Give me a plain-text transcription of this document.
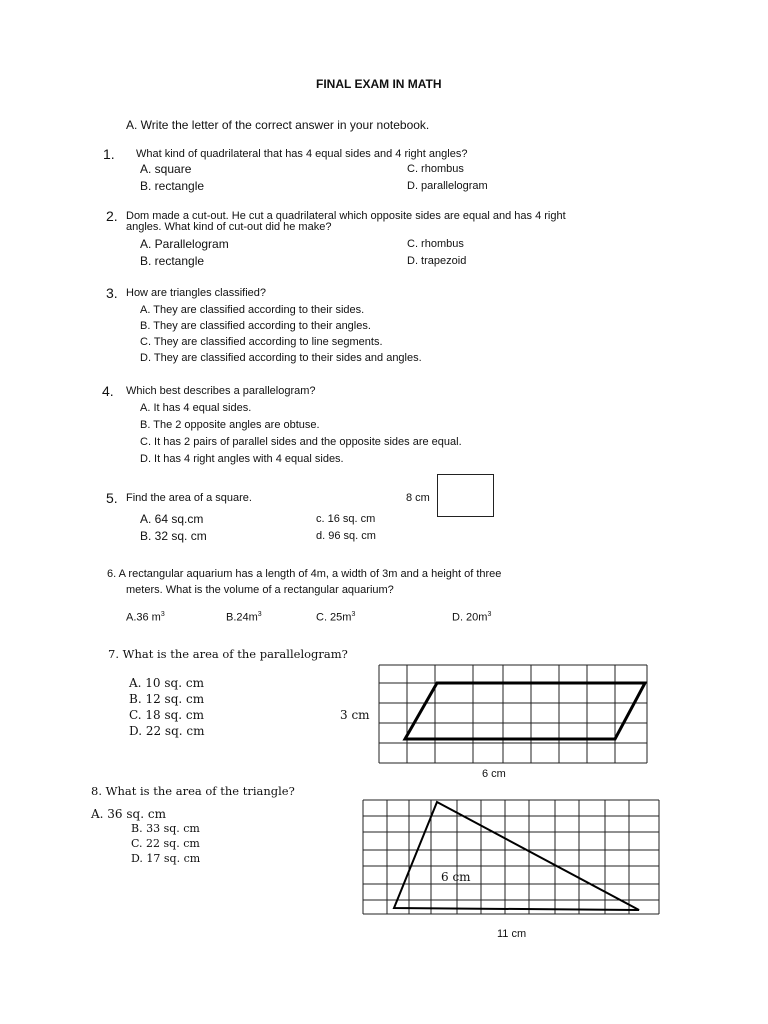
FINAL EXAM IN MATH
A. Write the letter of the correct answer in your notebook.
1. What kind of quadrilateral that has 4 equal sides and 4 right angles?
A. square
B. rectangle
C. rhombus
D. parallelogram
2. Dom made a cut-out. He cut a quadrilateral which opposite sides are equal and has 4 right
angles. What kind of cut-out did he make?
A. Parallelogram
B. rectangle
C. rhombus
D. trapezoid
3. How are triangles classified?
A. They are classified according to their sides.
B. They are classified according to their angles.
C. They are classified according to line segments.
D. They are classified according to their sides and angles.
4. Which best describes a parallelogram?
A. It has 4 equal sides.
B. The 2 opposite angles are obtuse.
C. It has 2 pairs of parallel sides and the opposite sides are equal.
D. It has 4 right angles with 4 equal sides.
5. Find the area of a square.	8 cm
A. 64 sq.cm
B. 32 sq. cm
c. 16 sq. cm
d. 96 sq. cm
6. A rectangular aquarium has a length of 4m, a width of 3m and a height of three
meters. What is the volume of a rectangular aquarium?
A.36 $m^3$	$B.24m^3$	C. $25m^3$	D. $20m^3$
7. What is the area of the parallelogram?
A. 10 sq. cm
B. 12 sq. cm
C. 18 sq. cm
D. 22 sq. cm
3 cm
6 cm
8. What is the area of the triangle?
A. 36 sq. cm
B. 33 sq. cm
C. 22 sq. cm
D. 17 sq. cm
6 cm
11 cm
